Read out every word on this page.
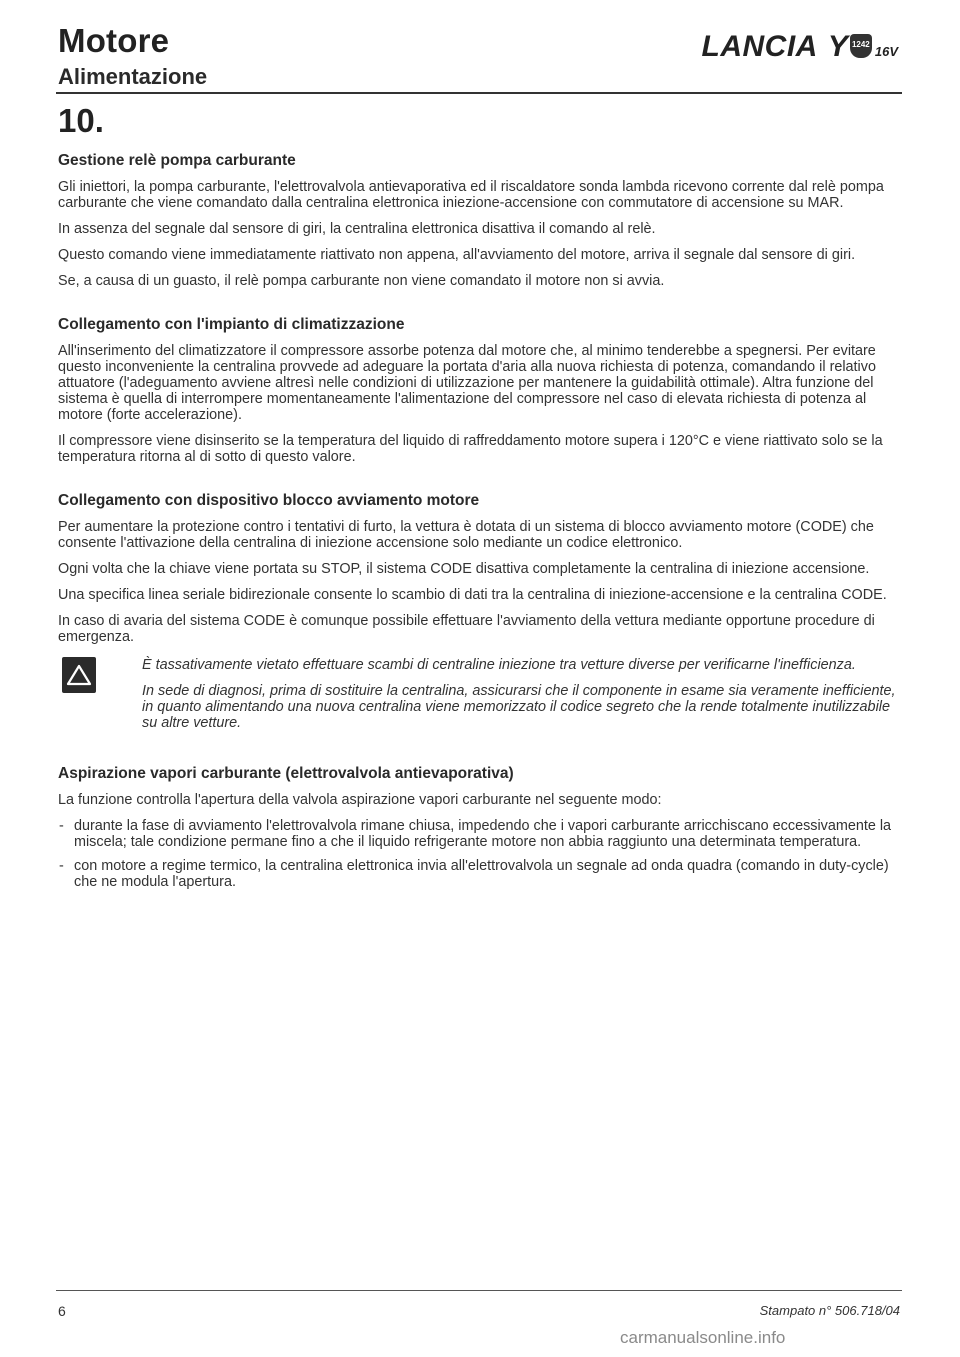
Motore
Alimentazione
LANCIA Y 1242 16V
10.
Gestione relè pompa carburante

Gli iniettori, la pompa carburante, l'elettrovalvola antievaporativa ed il riscaldatore sonda lambda ricevono corrente dal relè pompa carburante che viene comandato dalla centralina elettronica iniezione-accensione con commutatore di accensione su MAR.

In assenza del segnale dal sensore di giri, la centralina elettronica disattiva il comando al relè.

Questo comando viene immediatamente riattivato non appena, all'avviamento del motore, arriva il segnale dal sensore di giri.

Se, a causa di un guasto, il relè pompa carburante non viene comandato il motore non si avvia.

Collegamento con l'impianto di climatizzazione

All'inserimento del climatizzatore il compressore assorbe potenza dal motore che, al minimo tenderebbe a spegnersi. Per evitare questo inconveniente la centralina provvede ad adeguare la portata d'aria alla nuova richiesta di potenza, comandando il relativo attuatore (l'adeguamento avviene altresì nelle condizioni di utilizzazione per mantenere la guidabilità ottimale). Altra funzione del sistema è quella di interrompere momentaneamente l'alimentazione del compressore nel caso di elevata richiesta di potenza al motore (forte accelerazione).

Il compressore viene disinserito se la temperatura del liquido di raffreddamento motore supera i 120°C e viene riattivato solo se la temperatura ritorna al di sotto di questo valore.

Collegamento con dispositivo blocco avviamento motore

Per aumentare la protezione contro i tentativi di furto, la vettura è dotata di un sistema di blocco avviamento motore (CODE) che consente l'attivazione della centralina di iniezione accensione solo mediante un codice elettronico.

Ogni volta che la chiave viene portata su STOP, il sistema CODE disattiva completamente la centralina di iniezione accensione.

Una specifica linea seriale bidirezionale consente lo scambio di dati tra la centralina di iniezione-accensione e la centralina CODE.

In caso di avaria del sistema CODE è comunque possibile effettuare l'avviamento della vettura mediante opportune procedure di emergenza.

È tassativamente vietato effettuare scambi di centraline iniezione tra vetture diverse per verificarne l'inefficienza.

In sede di diagnosi, prima di sostituire la centralina, assicurarsi che il componente in esame sia veramente inefficiente, in quanto alimentando una nuova centralina viene memorizzato il codice segreto che la rende totalmente inutilizzabile su altre vetture.

Aspirazione vapori carburante (elettrovalvola antievaporativa)

La funzione controlla l'apertura della valvola aspirazione vapori carburante nel seguente modo:

- durante la fase di avviamento l'elettrovalvola rimane chiusa, impedendo che i vapori carburante arricchiscano eccessivamente la miscela; tale condizione permane fino a che il liquido refrigerante motore non abbia raggiunto una determinata temperatura.
- con motore a regime termico, la centralina elettronica invia all'elettrovalvola un segnale ad onda quadra (comando in duty-cycle) che ne modula l'apertura.
6	Stampato n° 506.718/04
carmanualsonline.info
